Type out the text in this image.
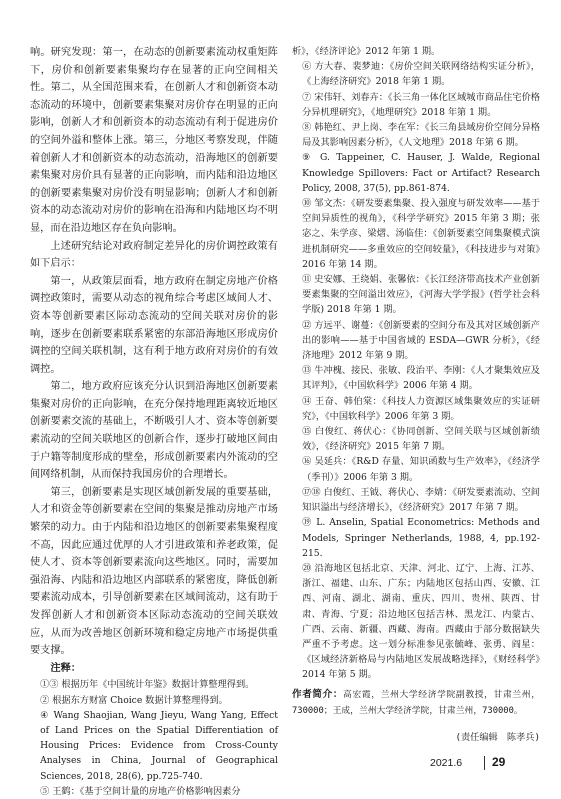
响。研究发现：第一，在动态的创新要素流动权重矩阵下，房价和创新要素集聚均存在显著的正向空间相关性。第二，从全国范围来看，在创新人才和创新资本动态流动的环境中，创新要素集聚对房价存在明显的正向影响，创新人才和创新资本的动态流动有利于促进房价的空间外溢和整体上涨。第三，分地区考察发现，伴随着创新人才和创新资本的动态流动，沿海地区的创新要素集聚对房价具有显著的正向影响，而内陆和沿边地区的创新要素集聚对房价没有明显影响；创新人才和创新资本的动态流动对房价的影响在沿海和内陆地区均不明显，而在沿边地区存在负向影响。

上述研究结论对政府制定差异化的房价调控政策有如下启示：

第一，从政策层面看，地方政府在制定房地产价格调控政策时，需要从动态的视角综合考虑区域间人才、资本等创新要素区际动态流动的空间关联对房价的影响，逐步在创新要素联系紧密的东部沿海地区形成房价调控的空间关联机制，这有利于地方政府对房价的有效调控。

第二，地方政府应该充分认识到沿海地区创新要素集聚对房价的正向影响，在充分保持地理距离较近地区创新要素交流的基础上，不断吸引人才、资本等创新要素流动的空间关联地区的创新合作，逐步打破地区间由于户籍等制度形成的壁垒，形成创新要素内外流动的空间网络机制，从而保持我国房价的合理增长。

第三，创新要素是实现区域创新发展的重要基础，人才和资金等创新要素在空间的集聚是推动房地产市场繁荣的动力。由于内陆和沿边地区的创新要素集聚程度不高，因此应通过优厚的人才引进政策和养老政策，促使人才、资本等创新要素流向这些地区。同时，需要加强沿海、内陆和沿边地区内部联系的紧密度，降低创新要素流动成本，引导创新要素在区域间流动，这有助于发挥创新人才和创新资本区际动态流动的空间关联效应，从而为改善地区创新环境和稳定房地产市场提供重要支撑。

注释：

①③ 根据历年《中国统计年鉴》数据计算整理得到。

② 根据东方财富 Choice 数据计算整理得到。

④ Wang Shaojian, Wang Jieyu, Wang Yang, Effect of Land Prices on the Spatial Differentiation of Housing Prices: Evidence from Cross-County Analyses in China, Journal of Geographical Sciences, 2018, 28(6), pp.725-740.

⑤ 王鹤：《基于空间计量的房地产价格影响因素分

析》，《经济评论》2012 年第 1 期。

⑥ 方大春、裴梦迪：《房价空间关联网络结构实证分析》，《上海经济研究》2018 年第 1 期。

⑦ 宋伟轩、刘春卉：《长三角一体化区域城市商品住宅价格分异机理研究》，《地理研究》2018 年第 1 期。

⑧ 韩艳红、尹上岗、李在军：《长三角县域房价空间分异格局及其影响因素分析》，《人文地理》2018 年第 6 期。

⑨ G. Tappeiner, C. Hauser, J. Walde, Regional Knowledge Spillovers: Fact or Artifact? Research Policy, 2008, 37(5), pp.861-874.

⑩ 邹文杰：《研发要素集聚、投入强度与研发效率——基于空间异质性的视角》，《科学学研究》2015 年第 3 期；张宓之、朱学彦、梁熠、汤临佳：《创新要素空间集聚模式演进机制研究——多重效应的空间较量》，《科技进步与对策》2016 年第 14 期。

⑪ 史安娜、王绕娟、张馨依：《长江经济带高技术产业创新要素集聚的空间溢出效应》，《河海大学学报》(哲学社会科学版) 2018 年第 1 期。

⑫ 方远平、谢蔓：《创新要素的空间分布及其对区域创新产出的影响——基于中国省域的 ESDA—GWR 分析》，《经济地理》2012 年第 9 期。

⑬ 牛冲槐、接民、张敏、段治平、李刚：《人才聚集效应及其评判》，《中国软科学》2006 年第 4 期。

⑭ 王奋、韩伯棠：《科技人力资源区域集聚效应的实证研究》，《中国软科学》2006 年第 3 期。

⑮ 白俊红、蒋伏心：《协同创新、空间关联与区域创新绩效》，《经济研究》2015 年第 7 期。

⑯ 吴延兵：《R&D 存量、知识函数与生产效率》，《经济学（季刊）》2006 年第 3 期。

⑰⑱ 白俊红、王钺、蒋伏心、李婧：《研发要素流动、空间知识溢出与经济增长》，《经济研究》2017 年第 7 期。

⑲ L. Anselin, Spatial Econometrics: Methods and Models, Springer Netherlands, 1988, 4, pp.192-215.

⑳ 沿海地区包括北京、天津、河北、辽宁、上海、江苏、浙江、福建、山东、广东；内陆地区包括山西、安徽、江西、河南、湖北、湖南、重庆、四川、贵州、陕西、甘肃、青海、宁夏；沿边地区包括吉林、黑龙江、内蒙古、广西、云南、新疆、西藏、海南。西藏由于部分数据缺失严重不予考虑。这一划分标准参见张毓峰、张勇、阎星：《区域经济新格局与内陆地区发展战略选择》，《财经科学》2014 年第 5 期。

作者简介：高宏霞，兰州大学经济学院副教授，甘肃兰州，730000；王成，兰州大学经济学院，甘肃兰州，730000。

(责任编辑　陈孝兵)

2021.6 29
